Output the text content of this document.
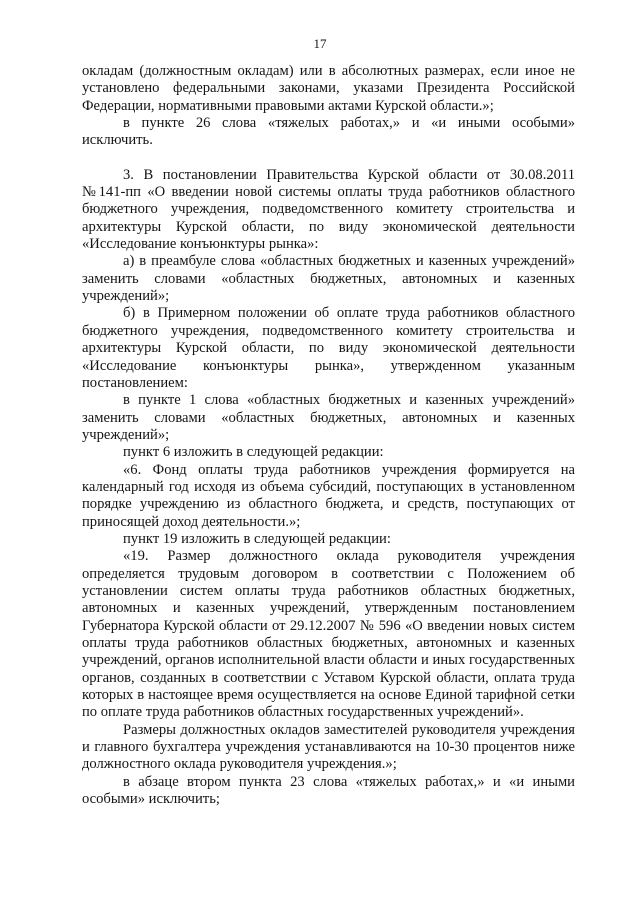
17

окладам (должностным окладам) или в абсолютных размерах, если иное не установлено федеральными законами, указами Президента Российской Федерации, нормативными правовыми актами Курской области.»;

в пункте 26 слова «тяжелых работах,» и «и иными особыми» исключить.

3. В постановлении Правительства Курской области от 30.08.2011 №141-пп «О введении новой системы оплаты труда работников областного бюджетного учреждения, подведомственного комитету строительства и архитектуры Курской области, по виду экономической деятельности «Исследование конъюнктуры рынка»:

а) в преамбуле слова «областных бюджетных и казенных учреждений» заменить словами «областных бюджетных, автономных и казенных учреждений»;

б) в Примерном положении об оплате труда работников областного бюджетного учреждения, подведомственного комитету строительства и архитектуры Курской области, по виду экономической деятельности «Исследование конъюнктуры рынка», утвержденном указанным постановлением:

в пункте 1 слова «областных бюджетных и казенных учреждений» заменить словами «областных бюджетных, автономных и казенных учреждений»;

пункт 6 изложить в следующей редакции:

«6. Фонд оплаты труда работников учреждения формируется на календарный год исходя из объема субсидий, поступающих в установленном порядке учреждению из областного бюджета, и средств, поступающих от приносящей доход деятельности.»;

пункт 19 изложить в следующей редакции:

«19. Размер должностного оклада руководителя учреждения определяется трудовым договором в соответствии с Положением об установлении систем оплаты труда работников областных бюджетных, автономных и казенных учреждений, утвержденным постановлением Губернатора Курской области от 29.12.2007 № 596 «О введении новых систем оплаты труда работников областных бюджетных, автономных и казенных учреждений, органов исполнительной власти области и иных государственных органов, созданных в соответствии с Уставом Курской области, оплата труда которых в настоящее время осуществляется на основе Единой тарифной сетки по оплате труда работников областных государственных учреждений».

Размеры должностных окладов заместителей руководителя учреждения и главного бухгалтера учреждения устанавливаются на 10-30 процентов ниже должностного оклада руководителя учреждения.»;

в абзаце втором пункта 23 слова «тяжелых работах,» и «и иными особыми» исключить;
